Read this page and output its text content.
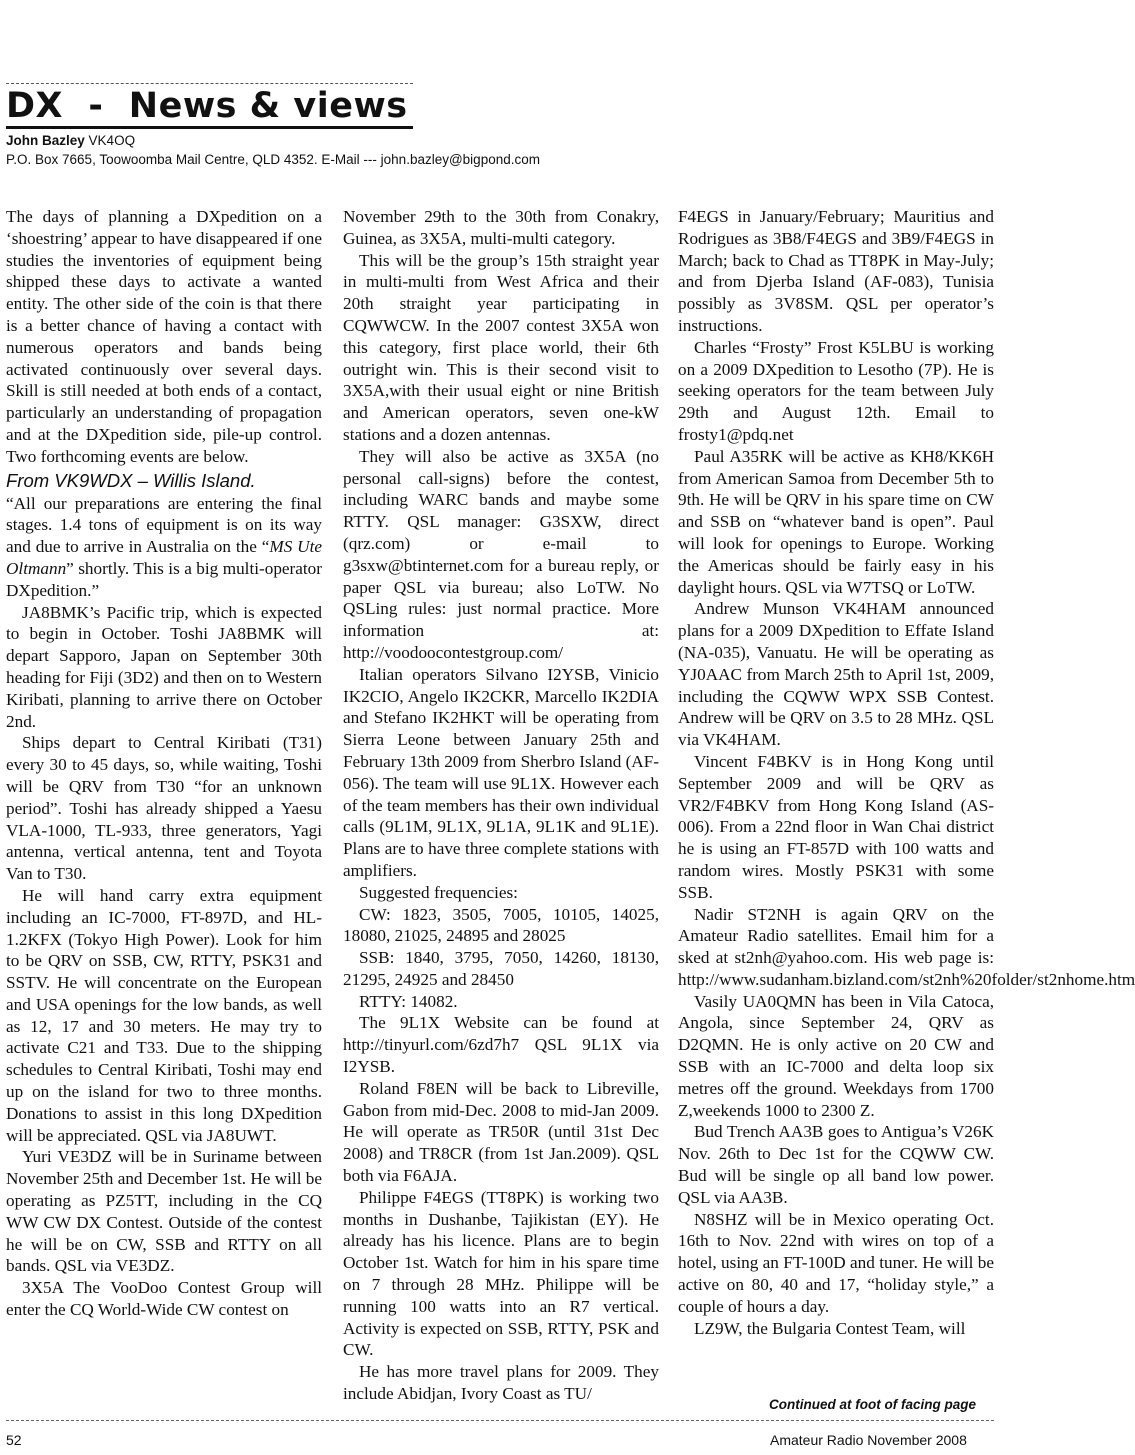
DX  -  News & views
John Bazley VK4OQ
P.O. Box 7665, Toowoomba Mail Centre, QLD 4352. E-Mail --- john.bazley@bigpond.com

The days of planning a DXpedition on a ‘shoestring’ appear to have disappeared if one studies the inventories of equipment being shipped these days to activate a wanted entity. The other side of the coin is that there is a better chance of having a contact with numerous operators and bands being activated continuously over several days. Skill is still needed at both ends of a contact, particularly an understanding of propagation and at the DXpedition side, pile-up control. Two forthcoming events are below.

From VK9WDX – Willis Island.

“All our preparations are entering the final stages. 1.4 tons of equipment is on its way and due to arrive in Australia on the “MS Ute Oltmann” shortly. This is a big multi-operator DXpedition.”

JA8BMK’s Pacific trip, which is expected to begin in October. Toshi JA8BMK will depart Sapporo, Japan on September 30th heading for Fiji (3D2) and then on to Western Kiribati, planning to arrive there on October 2nd.

Ships depart to Central Kiribati (T31) every 30 to 45 days, so, while waiting, Toshi will be QRV from T30 “for an unknown period”. Toshi has already shipped a Yaesu VLA-1000, TL-933, three generators, Yagi antenna, vertical antenna, tent and Toyota Van to T30.

He will hand carry extra equipment including an IC-7000, FT-897D, and HL-1.2KFX (Tokyo High Power). Look for him to be QRV on SSB, CW, RTTY, PSK31 and SSTV. He will concentrate on the European and USA openings for the low bands, as well as 12, 17 and 30 meters. He may try to activate C21 and T33. Due to the shipping schedules to Central Kiribati, Toshi may end up on the island for two to three months. Donations to assist in this long DXpedition will be appreciated. QSL via JA8UWT.

Yuri VE3DZ will be in Suriname between November 25th and December 1st. He will be operating as PZ5TT, including in the CQ WW CW DX Contest. Outside of the contest he will be on CW, SSB and RTTY on all bands. QSL via VE3DZ.

3X5A The VooDoo Contest Group will enter the CQ World-Wide CW contest on

November 29th to the 30th from Conakry, Guinea, as 3X5A, multi-multi category.

This will be the group’s 15th straight year in multi-multi from West Africa and their 20th straight year participating in CQWWCW. In the 2007 contest 3X5A won this category, first place world, their 6th outright win. This is their second visit to 3X5A,with their usual eight or nine British and American operators, seven one-kW stations and a dozen antennas.

They will also be active as 3X5A (no personal call-signs) before the contest, including WARC bands and maybe some RTTY. QSL manager: G3SXW, direct (qrz.com) or e-mail to g3sxw@btinternet.com for a bureau reply, or paper QSL via bureau; also LoTW. No QSLing rules: just normal practice. More information at: http://voodoocontestgroup.com/

Italian operators Silvano I2YSB, Vinicio IK2CIO, Angelo IK2CKR, Marcello IK2DIA and Stefano IK2HKT will be operating from Sierra Leone between January 25th and February 13th 2009 from Sherbro Island (AF-056). The team will use 9L1X. However each of the team members has their own individual calls (9L1M, 9L1X, 9L1A, 9L1K and 9L1E). Plans are to have three complete stations with amplifiers.

Suggested frequencies:

CW: 1823, 3505, 7005, 10105, 14025, 18080, 21025, 24895 and 28025

SSB: 1840, 3795, 7050, 14260, 18130, 21295, 24925 and 28450

RTTY: 14082.

The 9L1X Website can be found at http://tinyurl.com/6zd7h7 QSL 9L1X via I2YSB.

Roland F8EN will be back to Libreville, Gabon from mid-Dec. 2008 to mid-Jan 2009. He will operate as TR50R (until 31st Dec 2008) and TR8CR (from 1st Jan.2009). QSL both via F6AJA.

Philippe F4EGS (TT8PK) is working two months in Dushanbe, Tajikistan (EY). He already has his licence. Plans are to begin October 1st. Watch for him in his spare time on 7 through 28 MHz. Philippe will be running 100 watts into an R7 vertical. Activity is expected on SSB, RTTY, PSK and CW.

He has more travel plans for 2009. They include Abidjan, Ivory Coast as TU/

F4EGS in January/February; Mauritius and Rodrigues as 3B8/F4EGS and 3B9/F4EGS in March; back to Chad as TT8PK in May-July; and from Djerba Island (AF-083), Tunisia possibly as 3V8SM. QSL per operator’s instructions.

Charles “Frosty” Frost K5LBU is working on a 2009 DXpedition to Lesotho (7P). He is seeking operators for the team between July 29th and August 12th. Email to frosty1@pdq.net

Paul A35RK will be active as KH8/KK6H from American Samoa from December 5th to 9th. He will be QRV in his spare time on CW and SSB on “whatever band is open”. Paul will look for openings to Europe. Working the Americas should be fairly easy in his daylight hours. QSL via W7TSQ or LoTW.

Andrew Munson VK4HAM announced plans for a 2009 DXpedition to Effate Island (NA-035), Vanuatu. He will be operating as YJ0AAC from March 25th to April 1st, 2009, including the CQWW WPX SSB Contest. Andrew will be QRV on 3.5 to 28 MHz. QSL via VK4HAM.

Vincent F4BKV is in Hong Kong until September 2009 and will be QRV as VR2/F4BKV from Hong Kong Island (AS-006). From a 22nd floor in Wan Chai district he is using an FT-857D with 100 watts and random wires. Mostly PSK31 with some SSB.

Nadir ST2NH is again QRV on the Amateur Radio satellites. Email him for a sked at st2nh@yahoo.com. His web page is: http://www.sudanham.bizland.com/st2nh%20folder/st2nhome.htm

Vasily UA0QMN has been in Vila Catoca, Angola, since September 24, QRV as D2QMN. He is only active on 20 CW and SSB with an IC-7000 and delta loop six metres off the ground. Weekdays from 1700 Z,weekends 1000 to 2300 Z.

Bud Trench AA3B goes to Antigua’s V26K Nov. 26th to Dec 1st for the CQWW CW. Bud will be single op all band low power. QSL via AA3B.

N8SHZ will be in Mexico operating Oct. 16th to Nov. 22nd with wires on top of a hotel, using an FT-100D and tuner. He will be active on 80, 40 and 17, “holiday style,” a couple of hours a day.

LZ9W, the Bulgaria Contest Team, will

Continued at foot of facing page
52	Amateur Radio November 2008
